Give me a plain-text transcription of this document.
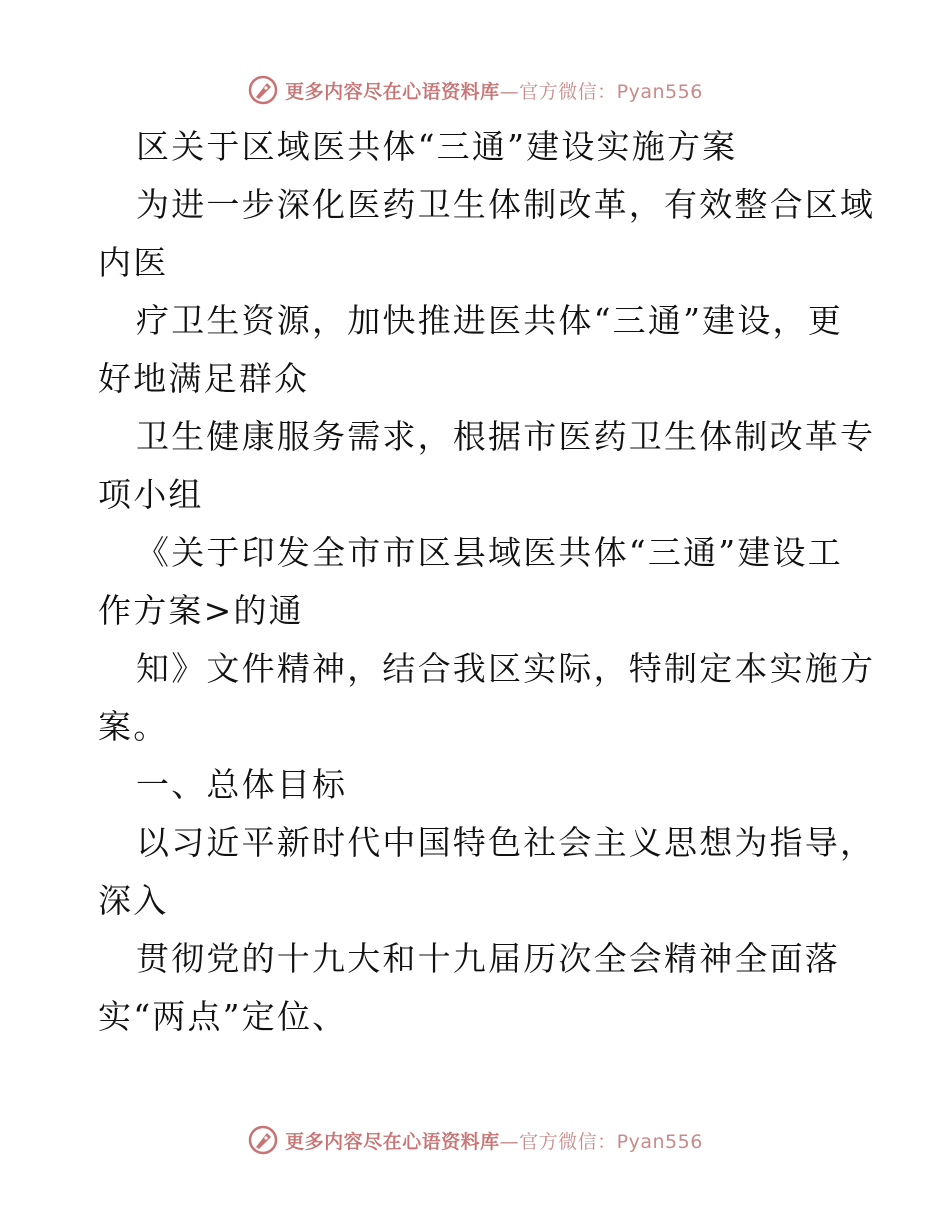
更多内容尽在心语资料库—官方微信：Pyan556
区关于区域医共体“三通”建设实施方案
为进一步深化医药卫生体制改革，有效整合区域
内医
疗卫生资源，加快推进医共体“三通”建设，更
好地满足群众
卫生健康服务需求，根据市医药卫生体制改革专
项小组
《关于印发全市市区县域医共体“三通”建设工
作方案>的通
知》文件精神，结合我区实际，特制定本实施方
案。
一、总体目标
以习近平新时代中国特色社会主义思想为指导，
深入
贯彻党的十九大和十九届历次全会精神全面落
实“两点”定位、
更多内容尽在心语资料库—官方微信：Pyan556
